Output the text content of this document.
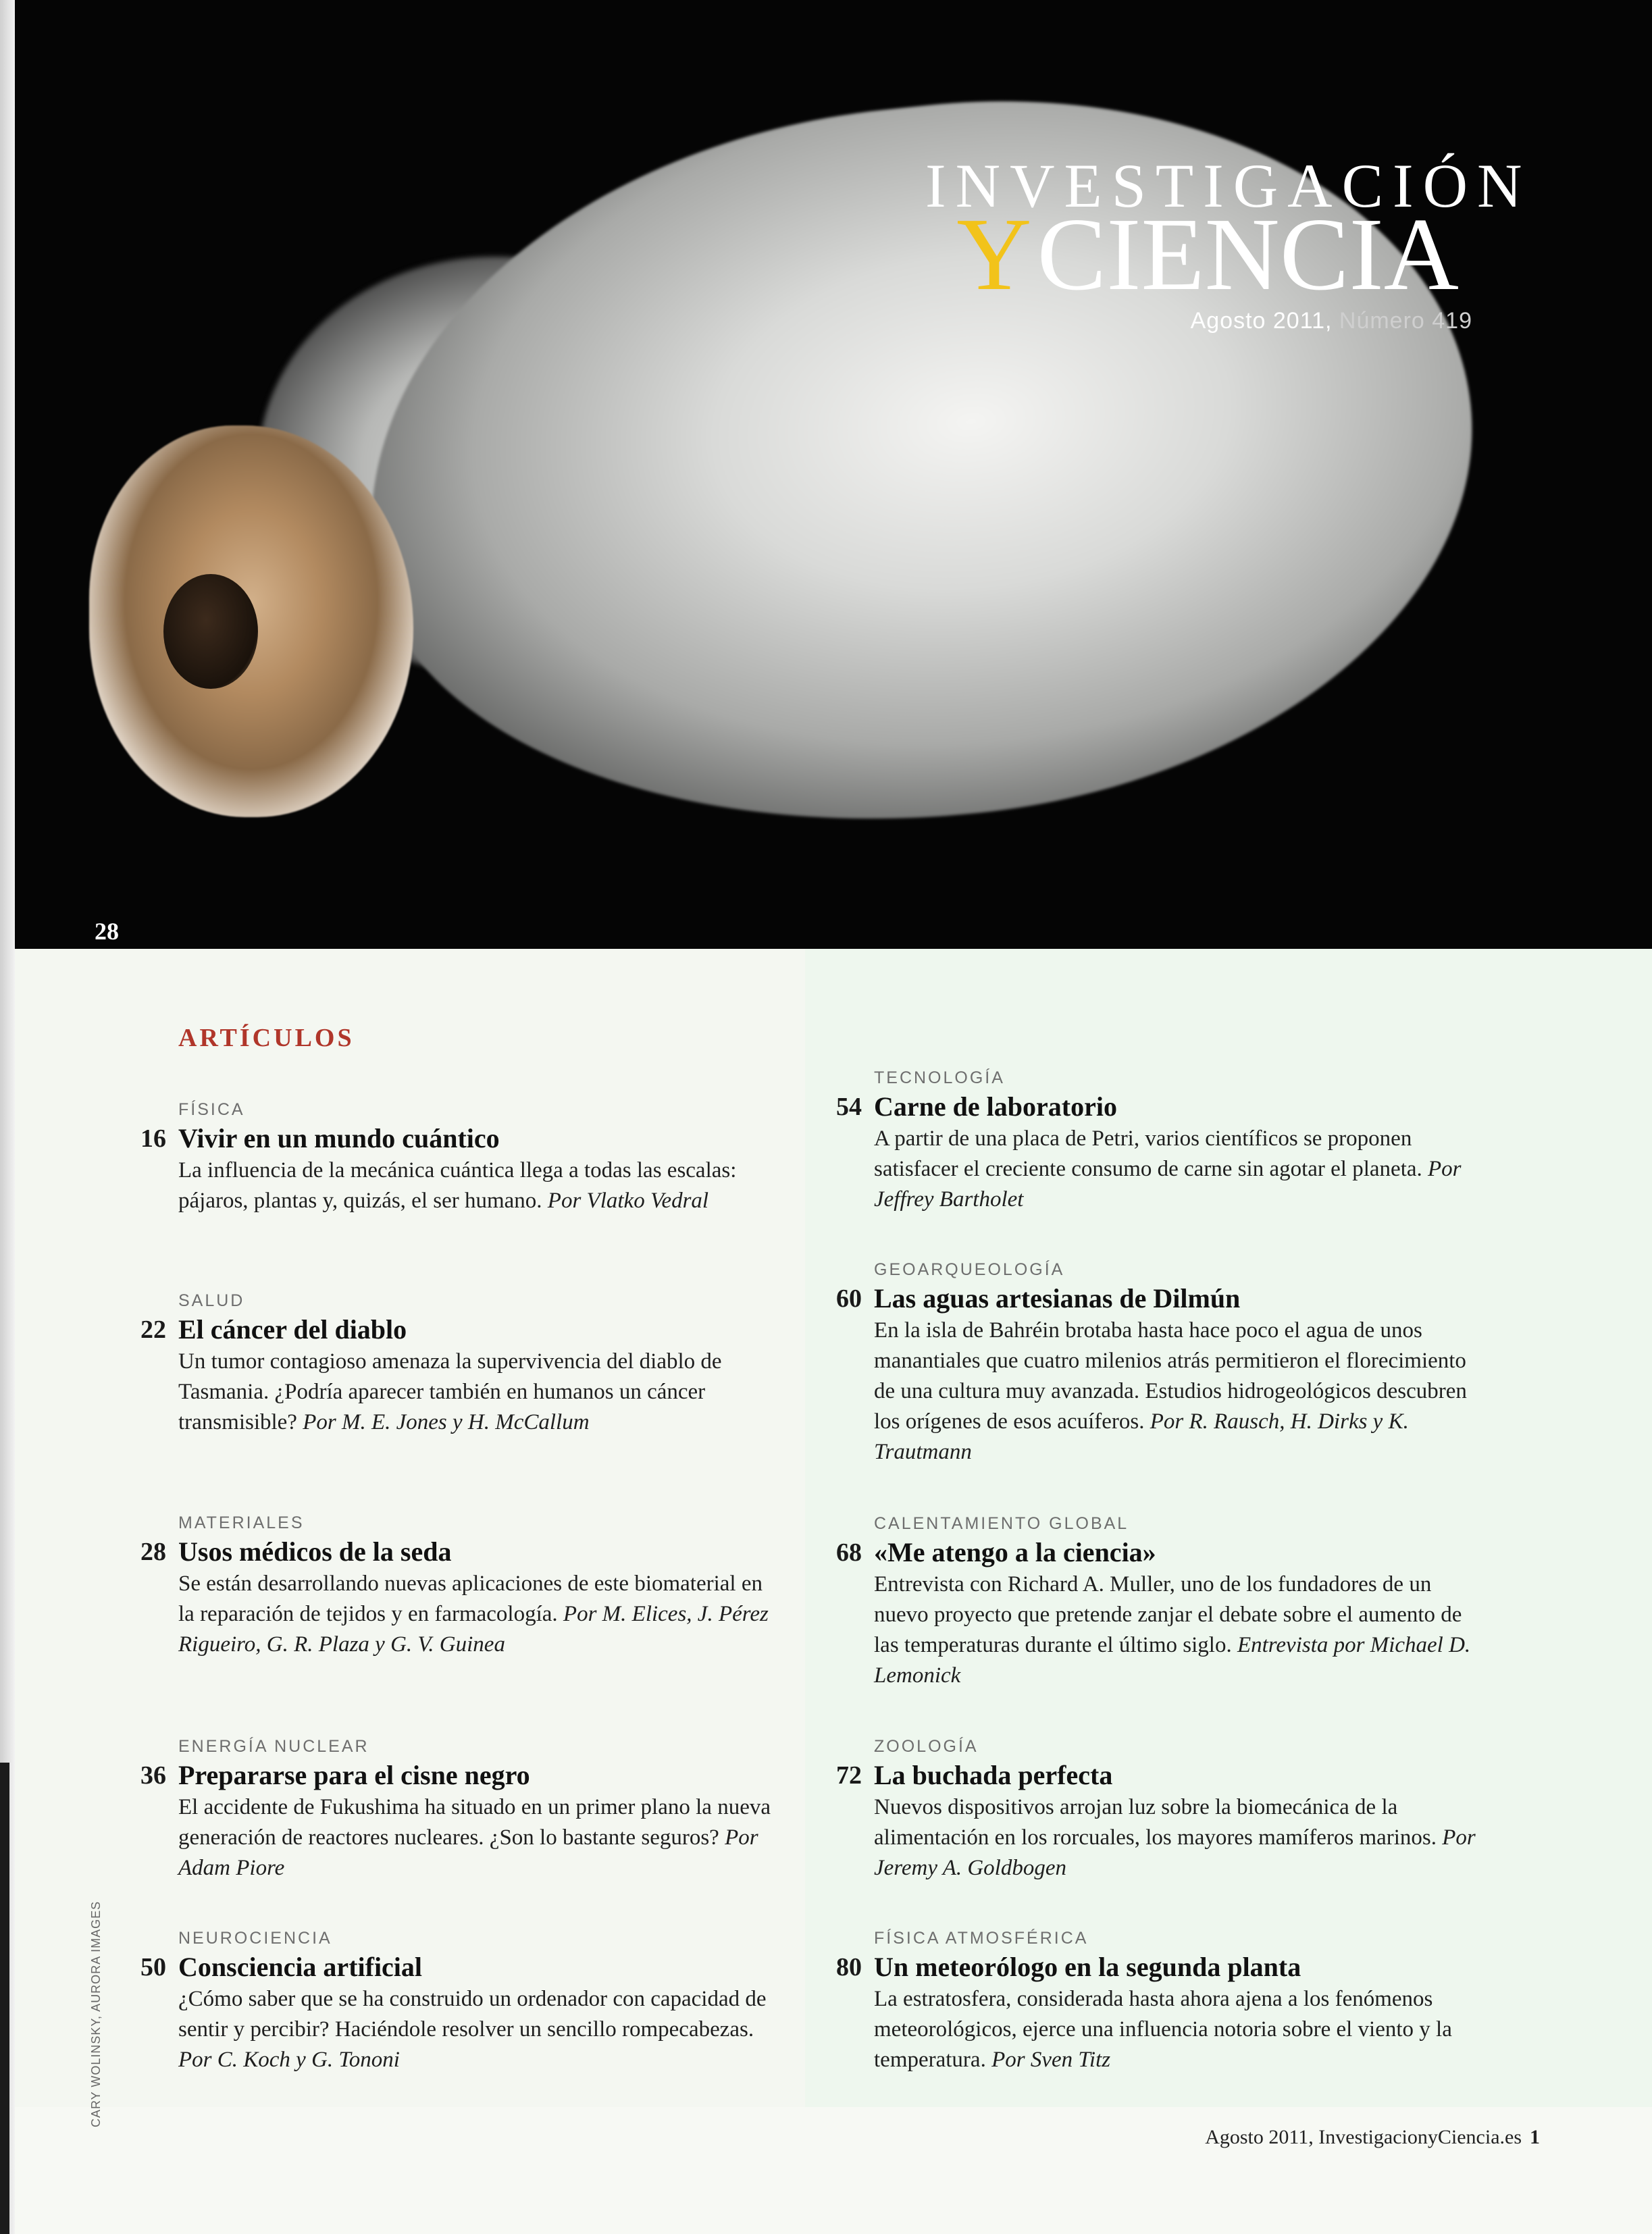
INVESTIGACIÓN
YCIENCIA
Agosto 2011, Número 419
28
ARTÍCULOS
FÍSICA
16 Vivir en un mundo cuántico
La influencia de la mecánica cuántica llega a todas las escalas: pájaros, plantas y, quizás, el ser humano. Por Vlatko Vedral
SALUD
22 El cáncer del diablo
Un tumor contagioso amenaza la supervivencia del diablo de Tasmania. ¿Podría aparecer también en humanos un cáncer transmisible? Por M. E. Jones y H. McCallum
MATERIALES
28 Usos médicos de la seda
Se están desarrollando nuevas aplicaciones de este biomaterial en la reparación de tejidos y en farmacología. Por M. Elices, J. Pérez Rigueiro, G. R. Plaza y G. V. Guinea
ENERGÍA NUCLEAR
36 Prepararse para el cisne negro
El accidente de Fukushima ha situado en un primer plano la nueva generación de reactores nucleares. ¿Son lo bastante seguros? Por Adam Piore
NEUROCIENCIA
50 Consciencia artificial
¿Cómo saber que se ha construido un ordenador con capacidad de sentir y percibir? Haciéndole resolver un sencillo rompecabezas. Por C. Koch y G. Tononi
TECNOLOGÍA
54 Carne de laboratorio
A partir de una placa de Petri, varios científicos se proponen satisfacer el creciente consumo de carne sin agotar el planeta. Por Jeffrey Bartholet
GEOARQUEOLOGÍA
60 Las aguas artesianas de Dilmún
En la isla de Bahréin brotaba hasta hace poco el agua de unos manantiales que cuatro milenios atrás permitieron el florecimiento de una cultura muy avanzada. Estudios hidrogeológicos descubren los orígenes de esos acuíferos. Por R. Rausch, H. Dirks y K. Trautmann
CALENTAMIENTO GLOBAL
68 «Me atengo a la ciencia»
Entrevista con Richard A. Muller, uno de los fundadores de un nuevo proyecto que pretende zanjar el debate sobre el aumento de las temperaturas durante el último siglo. Entrevista por Michael D. Lemonick
ZOOLOGÍA
72 La buchada perfecta
Nuevos dispositivos arrojan luz sobre la biomecánica de la alimentación en los rorcuales, los mayores mamíferos marinos. Por Jeremy A. Goldbogen
FÍSICA ATMOSFÉRICA
80 Un meteorólogo en la segunda planta
La estratosfera, considerada hasta ahora ajena a los fenómenos meteorológicos, ejerce una influencia notoria sobre el viento y la temperatura. Por Sven Titz
CARY WOLINSKY, AURORA IMAGES
Agosto 2011, InvestigacionyCiencia.es 1
